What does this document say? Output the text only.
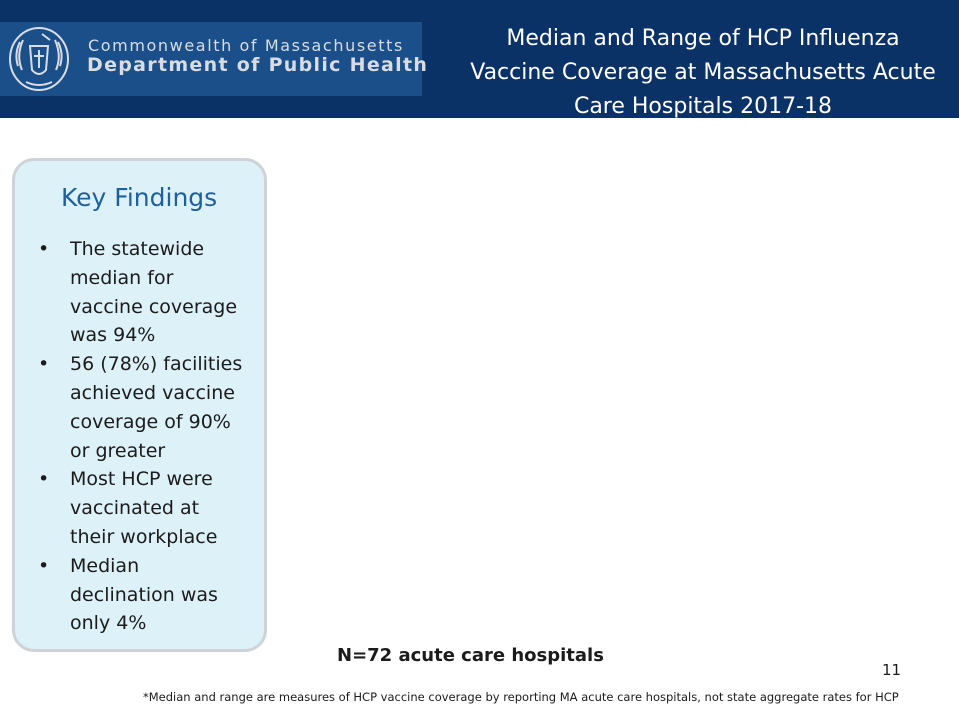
Commonwealth of Massachusetts
Department of Public Health
Median and Range of HCP Influenza
Vaccine Coverage at Massachusetts Acute
Care Hospitals 2017-18
Key Findings
• The statewide
median for
vaccine coverage
was 94%
• 56 (78%) facilities
achieved vaccine
coverage of 90%
or greater
• Most HCP were
vaccinated at
their workplace
• Median
declination was
only 4%
N=72 acute care hospitals
11
*Median and range are measures of HCP vaccine coverage by reporting MA acute care hospitals, not state aggregate rates for HCP
